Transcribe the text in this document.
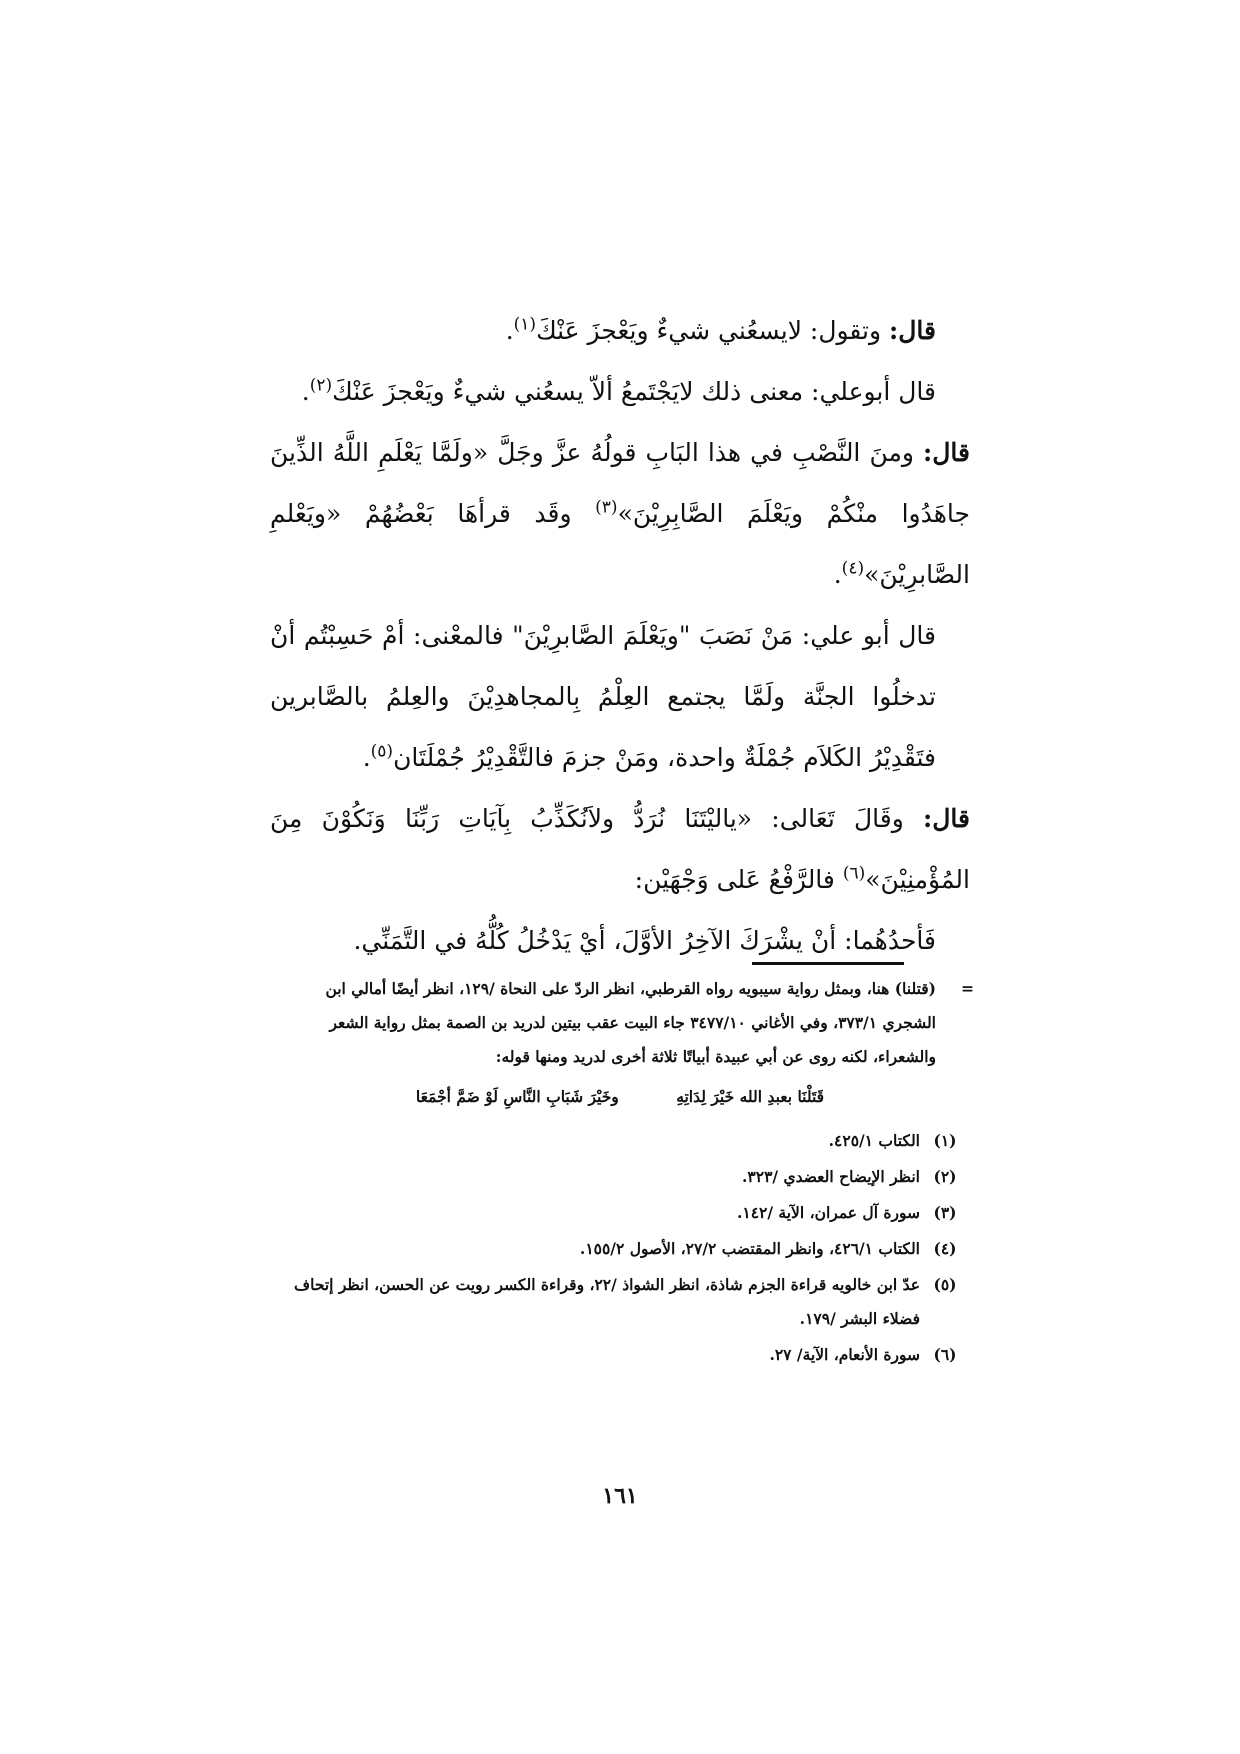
قال: وتقول: لايسعُني شيءٌ ويَعْجزَ عَنْكَ$^{(١)}$.

قال أبوعلي: معنى ذلك لايَجْتَمعُ ألاّ يسعُني شيءٌ ويَعْجزَ عَنْكَ$^{(٢)}$.

قال: ومنَ النَّصْبِ في هذا البَابِ قولُهُ عزَّ وجَلَّ «ولَمَّا يَعْلَمِ اللَّهُ الذِّينَ جاهَدُوا منْكُمْ ويَعْلَمَ الصَّابِرِيْنَ»$^{(٣)}$ وقَد قرأهَا بَعْضُهُمْ «ويَعْلمِ الصَّابرِيْنَ»$^{(٤)}$.

قال أبو علي: مَنْ نَصَبَ "ويَعْلَمَ الصَّابرِيْنَ" فالمعْنى: أمْ حَسِبْتُم أنْ تدخلُوا الجنَّة ولَمَّا يجتمع العِلْمُ بِالمجاهدِيْنَ والعِلمُ بالصَّابرين فتَقْدِيْرُ الكَلاَم جُمْلَةٌ واحدة، ومَنْ جزمَ فالتَّقْدِيْرُ جُمْلَتَان$^{(٥)}$.

قال: وقَالَ تَعَالى: «ياليْتَنَا نُرَدُّ ولاَنُكَذِّبُ بِآيَاتِ رَبِّنَا وَنَكُوْنَ مِنَ المُؤْمنِيْنَ»$^{(٦)}$ فالرَّفْعُ عَلى وَجْهَيْن:

فَأحدُهُما: أنْ يشْرَكَ الآخِرُ الأوَّلَ، أيْ يَدْخُلُ كُلُّهُ في التَّمَنِّي.

=
(قتلنا) هنا، وبمثل رواية سيبويه رواه القرطبي، انظر الردّ على النحاة /١٢٩، انظر أيضًا أمالي ابن الشجري ٣٧٣/١، وفي الأغاني ٣٤٧٧/١٠ جاء البيت عقب بيتين لدريد بن الصمة بمثل رواية الشعر والشعراء، لكنه روى عن أبي عبيدة أبياتًا ثلاثة أخرى لدريد ومنها قوله:
قَتَلْنَا بعبدِ الله خَيْرَ لِدَاتِهِ وخَيْرَ شَبَابِ النَّاسِ لَوْ ضَمَّ أجْمَعَا
(١)
الكتاب ٤٢٥/١.
(٢)
انظر الإيضاح العضدي /٣٢٣.
(٣)
سورة آل عمران، الآية /١٤٢.
(٤)
الكتاب ٤٢٦/١، وانظر المقتضب ٢٧/٢، الأصول ١٥٥/٢.
(٥)
عدّ ابن خالويه قراءة الجزم شاذة، انظر الشواذ /٢٢، وقراءة الكسر رويت عن الحسن، انظر إتحاف فضلاء البشر /١٧٩.
(٦)
سورة الأنعام، الآية/ ٢٧.
١٦١
